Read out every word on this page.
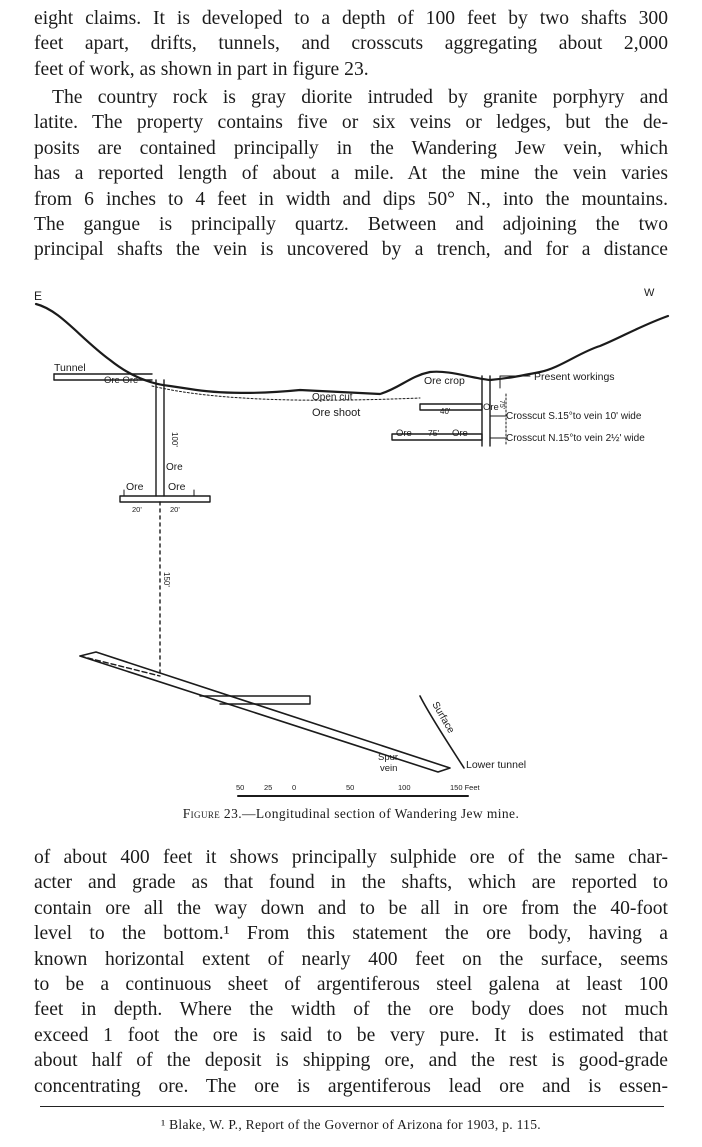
eight claims. It is developed to a depth of 100 feet by two shafts 300
feet apart, drifts, tunnels, and crosscuts aggregating about 2,000
feet of work, as shown in part in figure 23.
The country rock is gray diorite intruded by granite porphyry and
latite. The property contains five or six veins or ledges, but the de-
posits are contained principally in the Wandering Jew vein, which
has a reported length of about a mile. At the mine the vein varies
from 6 inches to 4 feet in width and dips 50° N., into the mountains.
The gangue is principally quartz. Between and adjoining the two
principal shafts the vein is uncovered by a trench, and for a distance
E	W
Tunnel
Ore Ore
Open cut
Ore shoot
Ore crop	Present workings
40'	Ore
Ore 75' Ore
Crosscut S.15°to vein 10' wide
Crosscut N.15°to vein 2½' wide
75'
100'
Ore
Ore Ore
20'	20'
150'
Surface
Spur
vein	Lower tunnel
50	25	0	50	100	150 Feet
Figure 23.—Longitudinal section of Wandering Jew mine.
of about 400 feet it shows principally sulphide ore of the same char-
acter and grade as that found in the shafts, which are reported to
contain ore all the way down and to be all in ore from the 40-foot
level to the bottom.¹ From this statement the ore body, having a
known horizontal extent of nearly 400 feet on the surface, seems
to be a continuous sheet of argentiferous steel galena at least 100
feet in depth. Where the width of the ore body does not much
exceed 1 foot the ore is said to be very pure. It is estimated that
about half of the deposit is shipping ore, and the rest is good-grade
concentrating ore. The ore is argentiferous lead ore and is essen-
¹ Blake, W. P., Report of the Governor of Arizona for 1903, p. 115.
